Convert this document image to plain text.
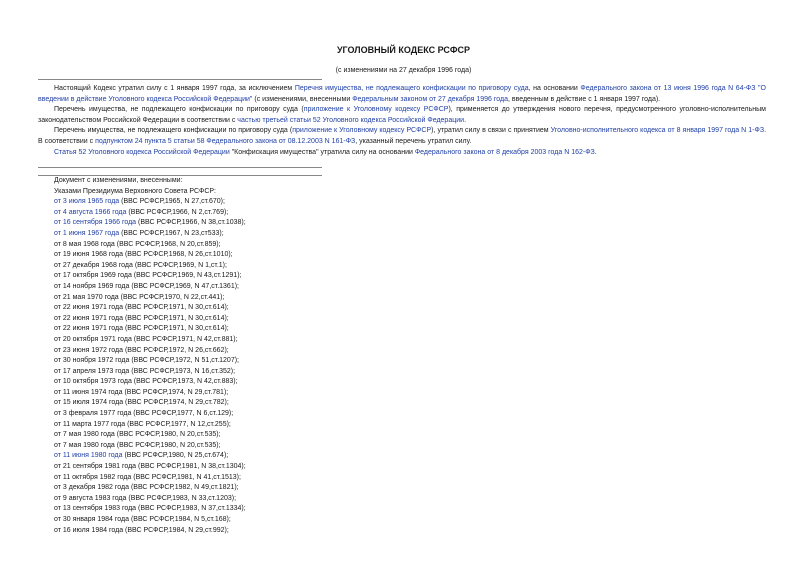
УГОЛОВНЫЙ КОДЕКС РСФСР
(с изменениями на 27 декабря 1996 года)

Настоящий Кодекс утратил силу с 1 января 1997 года, за исключением Перечня имущества, не подлежащего конфискации по приговору суда, на основании Федерального закона от 13 июня 1996 года N 64-ФЗ "О введении в действие Уголовного кодекса Российской Федерации" (с изменениями, внесенными Федеральным законом от 27 декабря 1996 года, введенным в действие с 1 января 1997 года).

Перечень имущества, не подлежащего конфискации по приговору суда (приложение к Уголовному кодексу РСФСР), применяется до утверждения нового перечня, предусмотренного уголовно-исполнительным законодательством Российской Федерации в соответствии с частью третьей статьи 52 Уголовного кодекса Российской Федерации.

Перечень имущества, не подлежащего конфискации по приговору суда (приложение к Уголовному кодексу РСФСР), утратил силу в связи с принятием Уголовно-исполнительного кодекса от 8 января 1997 года N 1-ФЗ. В соответствии с подпунктом 24 пункта 5 статьи 58 Федерального закона от 08.12.2003 N 161-ФЗ, указанный перечень утратил силу.

Статья 52 Уголовного кодекса Российской Федерации "Конфискация имущества" утратила силу на основании Федерального закона от 8 декабря 2003 года N 162-ФЗ.

Документ с изменениями, внесенными:
Указами Президиума Верховного Совета РСФСР:
от 3 июля 1965 года (ВВС РСФСР,1965, N 27,ст.670);
от 4 августа 1966 года (ВВС РСФСР,1966, N 2,ст.769);
от 16 сентября 1966 года (ВВС РСФСР,1966, N 38,ст.1038);
от 1 июня 1967 года (ВВС РСФСР,1967, N 23,ст533);
от 8 мая 1968 года (ВВС РСФСР,1968, N 20,ст.859);
от 19 июня 1968 года (ВВС РСФСР,1968, N 26,ст.1010);
от 27 декабря 1968 года (ВВС РСФСР,1969, N 1,ст.1);
от 17 октября 1969 года (ВВС РСФСР,1969, N 43,ст.1291);
от 14 ноября 1969 года (ВВС РСФСР,1969, N 47,ст.1361);
от 21 мая 1970 года (ВВС РСФСР,1970, N 22,ст.441);
от 22 июня 1971 года (ВВС РСФСР,1971, N 30,ст.614);
от 22 июня 1971 года (ВВС РСФСР,1971, N 30,ст.614);
от 22 июня 1971 года (ВВС РСФСР,1971, N 30,ст.614);
от 20 октября 1971 года (ВВС РСФСР,1971, N 42,ст.881);
от 23 июня 1972 года (ВВС РСФСР,1972, N 26,ст.662);
от 30 ноября 1972 года (ВВС РСФСР,1972, N 51,ст.1207);
от 17 апреля 1973 года (ВВС РСФСР,1973, N 16,ст.352);
от 10 октября 1973 года (ВВС РСФСР,1973, N 42,ст.883);
от 11 июня 1974 года (ВВС РСФСР,1974, N 29,ст.781);
от 15 июля 1974 года (ВВС РСФСР,1974, N 29,ст.782);
от 3 февраля 1977 года (ВВС РСФСР,1977, N 6,ст.129);
от 11 марта 1977 года (ВВС РСФСР,1977, N 12,ст.255);
от 7 мая 1980 года (ВВС РСФСР,1980, N 20,ст.535);
от 7 мая 1980 года (ВВС РСФСР,1980, N 20,ст.535);
от 11 июня 1980 года (ВВС РСФСР,1980, N 25,ст.674);
от 21 сентября 1981 года (ВВС РСФСР,1981, N 38,ст.1304);
от 11 октября 1982 года (ВВС РСФСР,1981, N 41,ст.1513);
от 3 декабря 1982 года (ВВС РСФСР,1982, N 49,ст.1821);
от 9 августа 1983 года (ВВС РСФСР,1983, N 33,ст.1203);
от 13 сентября 1983 года (ВВС РСФСР,1983, N 37,ст.1334);
от 30 января 1984 года (ВВС РСФСР,1984, N 5,ст.168);
от 16 июля 1984 года (ВВС РСФСР,1984, N 29,ст.992);
